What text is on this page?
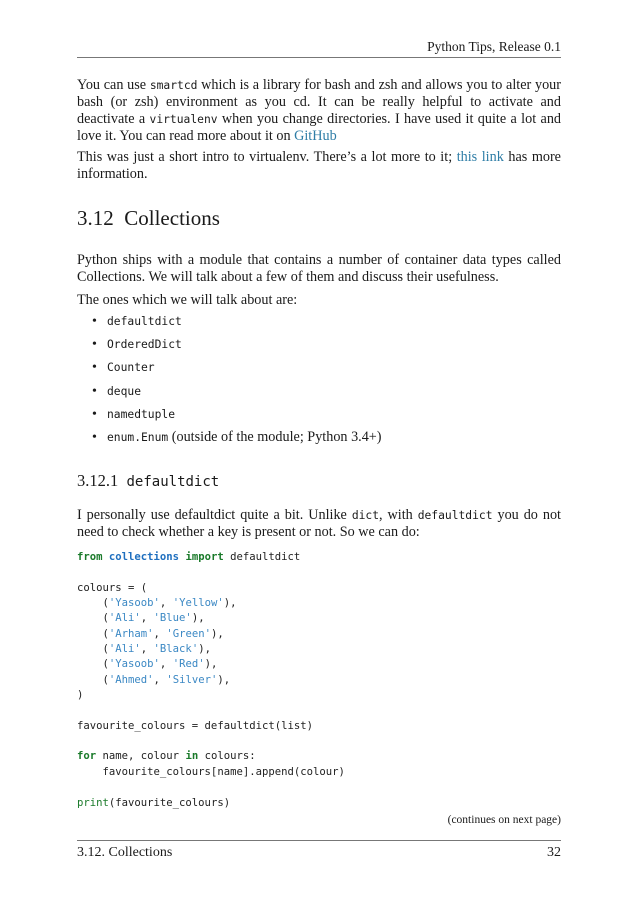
Python Tips, Release 0.1

You can use smartcd which is a library for bash and zsh and allows you to alter your bash (or zsh) environment as you cd. It can be really helpful to activate and deactivate a virtualenv when you change directories. I have used it quite a lot and love it. You can read more about it on GitHub

This was just a short intro to virtualenv. There’s a lot more to it; this link has more information.

3.12 Collections

Python ships with a module that contains a number of container data types called Collections. We will talk about a few of them and discuss their usefulness.

The ones which we will talk about are:

• defaultdict
• OrderedDict
• Counter
• deque
• namedtuple
• enum.Enum (outside of the module; Python 3.4+)
3.12.1 defaultdict

I personally use defaultdict quite a bit. Unlike dict, with defaultdict you do not need to check whether a key is present or not. So we can do:

from collections import defaultdict

colours = (
('Yasoob', 'Yellow'),
('Ali', 'Blue'),
('Arham', 'Green'),
('Ali', 'Black'),
('Yasoob', 'Red'),
('Ahmed', 'Silver'),
)

favourite_colours = defaultdict(list)

for name, colour in colours:
favourite_colours[name].append(colour)

print(favourite_colours)
(continues on next page)
3.12. Collections	32
